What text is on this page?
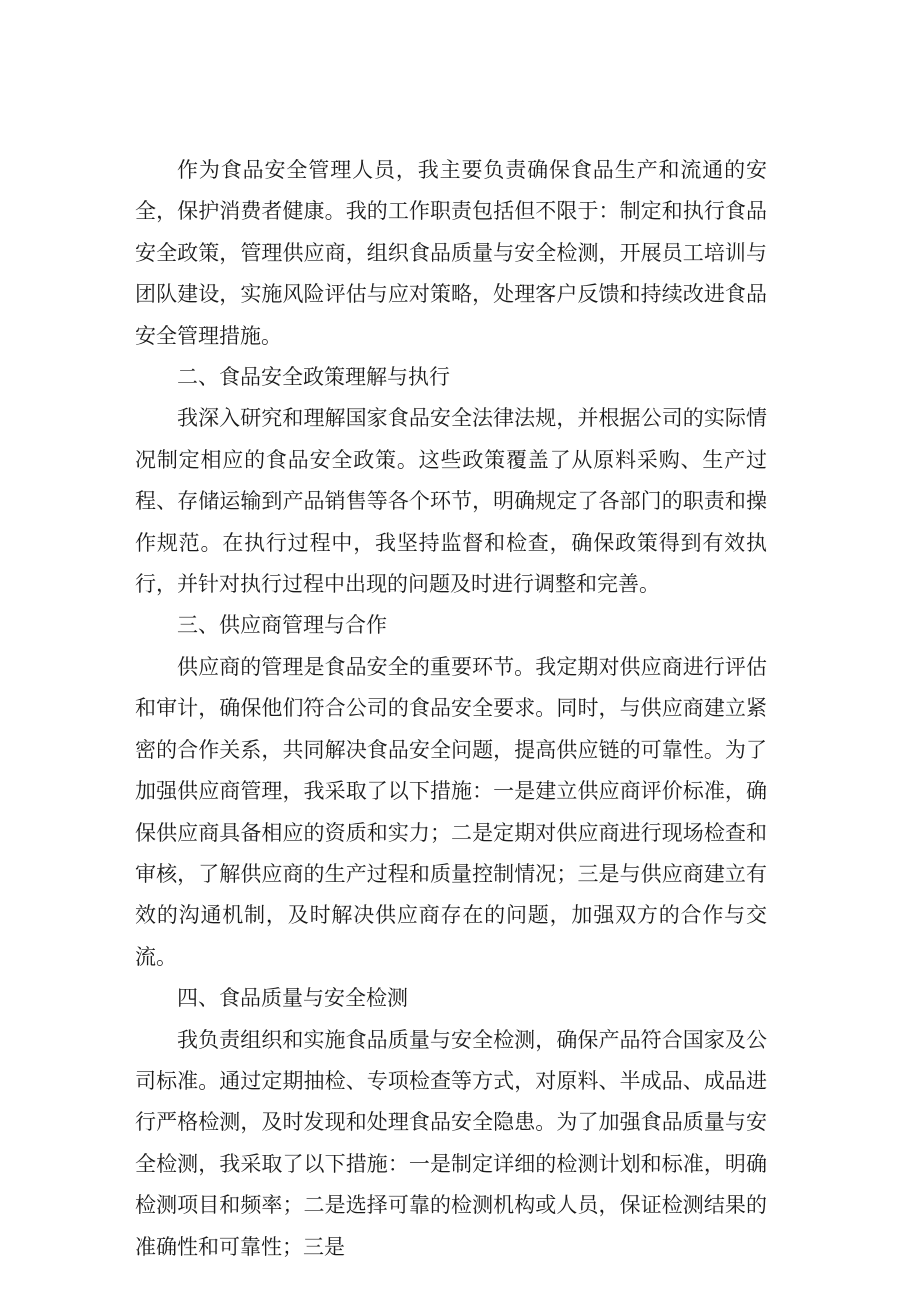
作为食品安全管理人员，我主要负责确保食品生产和流通的安全，保护消费者健康。我的工作职责包括但不限于：制定和执行食品安全政策，管理供应商，组织食品质量与安全检测，开展员工培训与团队建设，实施风险评估与应对策略，处理客户反馈和持续改进食品安全管理措施。

二、食品安全政策理解与执行

我深入研究和理解国家食品安全法律法规，并根据公司的实际情况制定相应的食品安全政策。这些政策覆盖了从原料采购、生产过程、存储运输到产品销售等各个环节，明确规定了各部门的职责和操作规范。在执行过程中，我坚持监督和检查，确保政策得到有效执行，并针对执行过程中出现的问题及时进行调整和完善。

三、供应商管理与合作

供应商的管理是食品安全的重要环节。我定期对供应商进行评估和审计，确保他们符合公司的食品安全要求。同时，与供应商建立紧密的合作关系，共同解决食品安全问题，提高供应链的可靠性。为了加强供应商管理，我采取了以下措施：一是建立供应商评价标准，确保供应商具备相应的资质和实力；二是定期对供应商进行现场检查和审核，了解供应商的生产过程和质量控制情况；三是与供应商建立有效的沟通机制，及时解决供应商存在的问题，加强双方的合作与交流。

四、食品质量与安全检测

我负责组织和实施食品质量与安全检测，确保产品符合国家及公司标准。通过定期抽检、专项检查等方式，对原料、半成品、成品进行严格检测，及时发现和处理食品安全隐患。为了加强食品质量与安全检测，我采取了以下措施：一是制定详细的检测计划和标准，明确检测项目和频率；二是选择可靠的检测机构或人员，保证检测结果的准确性和可靠性；三是
